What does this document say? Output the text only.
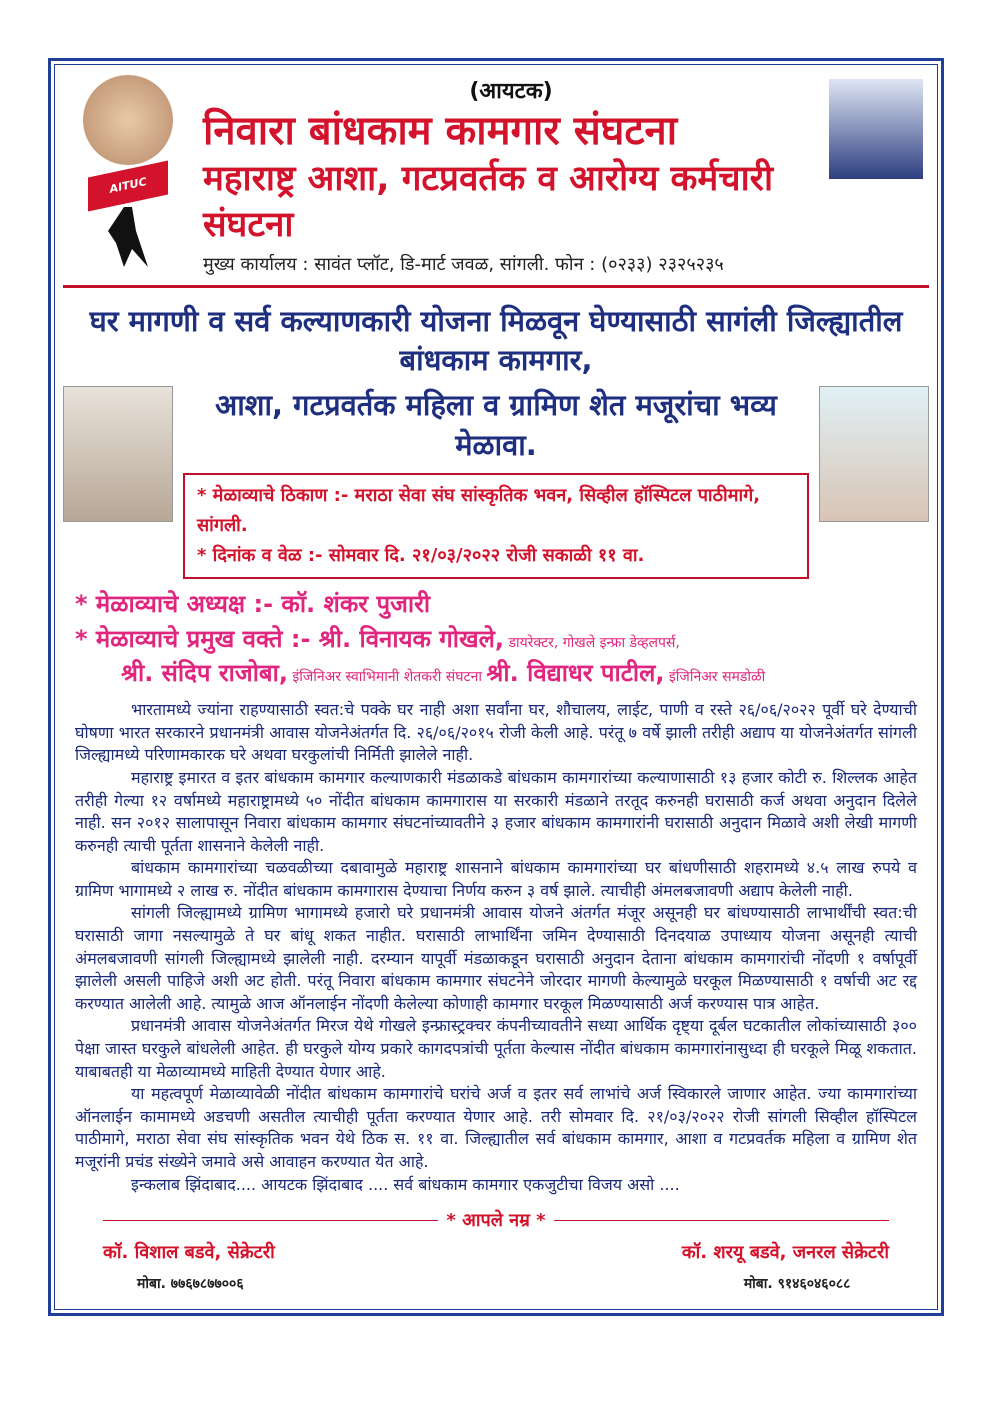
AITUC
(आयटक)
निवारा बांधकाम कामगार संघटना
महाराष्ट्र आशा, गटप्रवर्तक व आरोग्य कर्मचारी संघटना
मुख्य कार्यालय : सावंत प्लॉट, डि-मार्ट जवळ, सांगली. फोन : (०२३३) २३२५२३५
घर मागणी व सर्व कल्याणकारी योजना मिळवून घेण्यासाठी सागंली जिल्ह्यातील बांधकाम कामगार,
आशा, गटप्रवर्तक महिला व ग्रामिण शेत मजूरांचा भव्य मेळावा.
* मेळाव्याचे ठिकाण :- मराठा सेवा संघ सांस्कृतिक भवन, सिव्हील हॉस्पिटल पाठीमागे, सांगली.
* दिनांक व वेळ :- सोमवार दि. २१/०३/२०२२ रोजी सकाळी ११ वा.
* मेळाव्याचे अध्यक्ष :- कॉ. शंकर पुजारी
* मेळाव्याचे प्रमुख वक्ते :- श्री. विनायक गोखले, डायरेक्टर, गोखले इन्फ्रा डेव्हलपर्स,
श्री. संदिप राजोबा, इंजिनिअर स्वाभिमानी शेतकरी संघटना श्री. विद्याधर पाटील, इंजिनिअर समडोळी

भारतामध्ये ज्यांना राहण्यासाठी स्वत:चे पक्के घर नाही अशा सर्वांना घर, शौचालय, लाईट, पाणी व रस्ते २६/०६/२०२२ पूर्वी घरे देण्याची घोषणा भारत सरकारने प्रधानमंत्री आवास योजनेअंतर्गत दि. २६/०६/२०१५ रोजी केली आहे. परंतू ७ वर्षे झाली तरीही अद्याप या योजनेअंतर्गत सांगली जिल्ह्यामध्ये परिणामकारक घरे अथवा घरकुलांची निर्मिती झालेले नाही.

महाराष्ट्र इमारत व इतर बांधकाम कामगार कल्याणकारी मंडळाकडे बांधकाम कामगारांच्या कल्याणासाठी १३ हजार कोटी रु. शिल्लक आहेत तरीही गेल्या १२ वर्षामध्ये महाराष्ट्रामध्ये ५० नोंदीत बांधकाम कामगारास या सरकारी मंडळाने तरतूद करुनही घरासाठी कर्ज अथवा अनुदान दिलेले नाही. सन २०१२ सालापासून निवारा बांधकाम कामगार संघटनांच्यावतीने ३ हजार बांधकाम कामगारांनी घरासाठी अनुदान मिळावे अशी लेखी मागणी करुनही त्याची पूर्तता शासनाने केलेली नाही.

बांधकाम कामगारांच्या चळवळीच्या दबावामुळे महाराष्ट्र शासनाने बांधकाम कामगारांच्या घर बांधणीसाठी शहरामध्ये ४.५ लाख रुपये व ग्रामिण भागामध्ये २ लाख रु. नोंदीत बांधकाम कामगारास देण्याचा निर्णय करुन ३ वर्ष झाले. त्याचीही अंमलबजावणी अद्याप केलेली नाही.

सांगली जिल्ह्यामध्ये ग्रामिण भागामध्ये हजारो घरे प्रधानमंत्री आवास योजने अंतर्गत मंजूर असूनही घर बांधण्यासाठी लाभार्थींची स्वत:ची घरासाठी जागा नसल्यामुळे ते घर बांधू शकत नाहीत. घरासाठी लाभार्थिंना जमिन देण्यासाठी दिनदयाळ उपाध्याय योजना असूनही त्याची अंमलबजावणी सांगली जिल्ह्यामध्ये झालेली नाही. दरम्यान यापूर्वी मंडळाकडून घरासाठी अनुदान देताना बांधकाम कामगारांची नोंदणी १ वर्षापूर्वी झालेली असली पाहिजे अशी अट होती. परंतू निवारा बांधकाम कामगार संघटनेने जोरदार मागणी केल्यामुळे घरकूल मिळण्यासाठी १ वर्षाची अट रद्द करण्यात आलेली आहे. त्यामुळे आज ऑनलाईन नोंदणी केलेल्या कोणाही कामगार घरकूल मिळण्यासाठी अर्ज करण्यास पात्र आहेत.

प्रधानमंत्री आवास योजनेअंतर्गत मिरज येथे गोखले इन्फ्रास्ट्रक्चर कंपनीच्यावतीने सध्या आर्थिक दृष्ट्या दूर्बल घटकातील लोकांच्यासाठी ३०० पेक्षा जास्त घरकुले बांधलेली आहेत. ही घरकुले योग्य प्रकारे कागदपत्रांची पूर्तता केल्यास नोंदीत बांधकाम कामगारांनासुध्दा ही घरकूले मिळू शकतात. याबाबतही या मेळाव्यामध्ये माहिती देण्यात येणार आहे.

या महत्वपूर्ण मेळाव्यावेळी नोंदीत बांधकाम कामगारांचे घरांचे अर्ज व इतर सर्व लाभांचे अर्ज स्विकारले जाणार आहेत. ज्या कामगारांच्या ऑनलाईन कामामध्ये अडचणी असतील त्याचीही पूर्तता करण्यात येणार आहे. तरी सोमवार दि. २१/०३/२०२२ रोजी सांगली सिव्हील हॉस्पिटल पाठीमागे, मराठा सेवा संघ सांस्कृतिक भवन येथे ठिक स. ११ वा. जिल्ह्यातील सर्व बांधकाम कामगार, आशा व गटप्रवर्तक महिला व ग्रामिण शेत मजूरांनी प्रचंड संख्येने जमावे असे आवाहन करण्यात येत आहे.

इन्कलाब झिंदाबाद.... आयटक झिंदाबाद .... सर्व बांधकाम कामगार एकजुटीचा विजय असो ....

* आपले नम्र *
कॉ. विशाल बडवे, सेक्रेटरी
मोबा. ७७६७८७७००६
कॉ. शरयू बडवे, जनरल सेक्रेटरी
मोबा. ९१४६०४६०८८
